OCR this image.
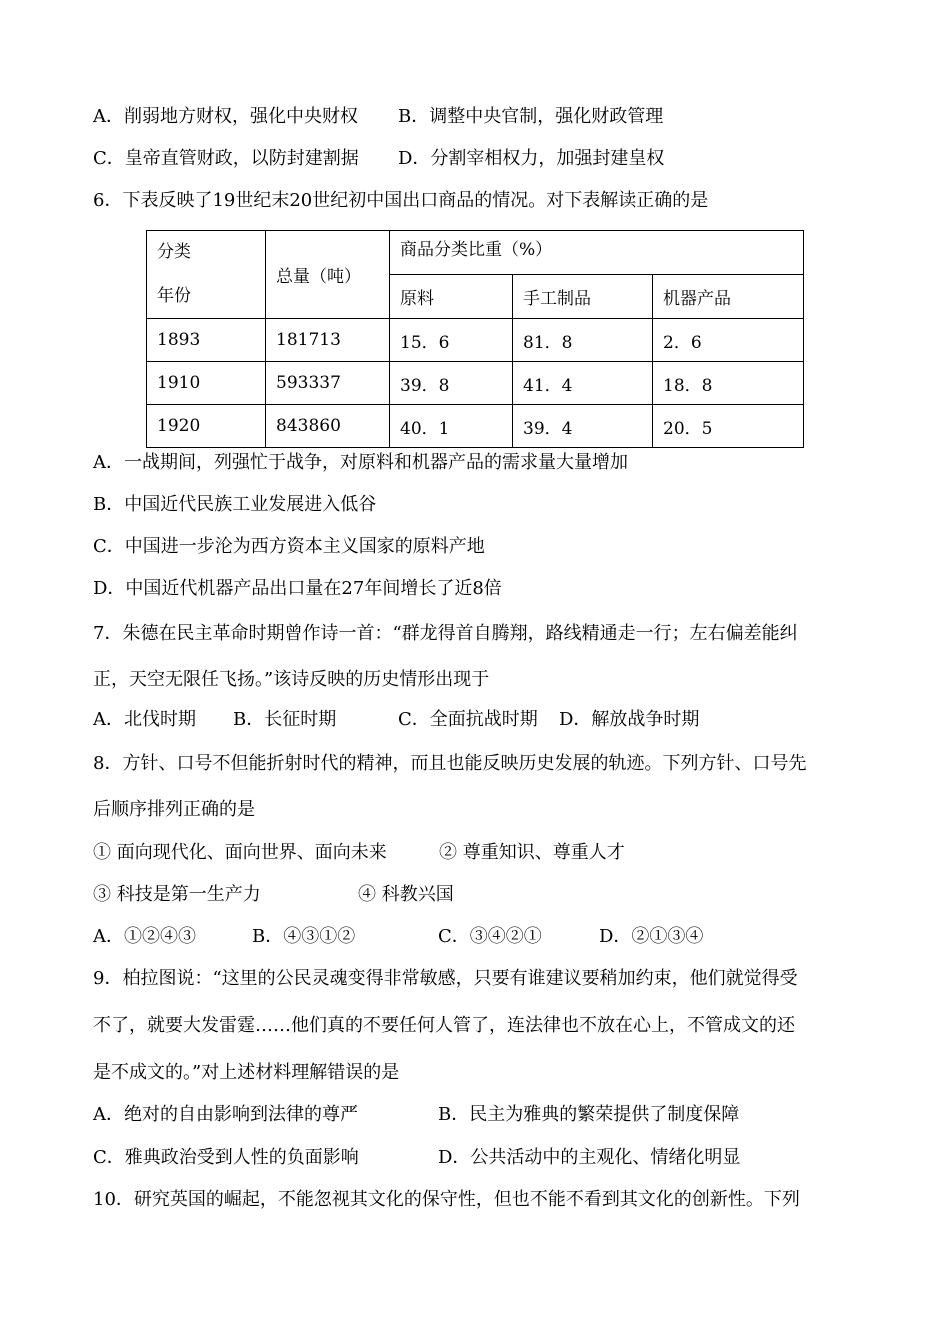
A．削弱地方财权，强化中央财权 B．调整中央官制，强化财政管理
C．皇帝直管财政，以防封建割据 D．分割宰相权力，加强封建皇权
6．下表反映了19世纪末20世纪初中国出口商品的情况。对下表解读正确的是
分类
年份	总量（吨）	商品分类比重（%）		
		原料	手工制品	机器产品
1893	181713	15．6	81．8	2．6
1910	593337	39．8	41．4	18．8
1920	843860	40．1	39．4	20．5
A．一战期间，列强忙于战争，对原料和机器产品的需求量大量增加
B．中国近代民族工业发展进入低谷
C．中国进一步沦为西方资本主义国家的原料产地
D．中国近代机器产品出口量在27年间增长了近8倍
7．朱德在民主革命时期曾作诗一首：“群龙得首自腾翔，路线精通走一行；左右偏差能纠
正，天空无限任飞扬。”该诗反映的历史情形出现于
A．北伐时期 B．长征时期	C．全面抗战时期 D．解放战争时期
8．方针、口号不但能折射时代的精神，而且也能反映历史发展的轨迹。下列方针、口号先
后顺序排列正确的是
① 面向现代化、面向世界、面向未来	② 尊重知识、尊重人才
③ 科技是第一生产力	④ 科教兴国
A．①②④③	B．④③①②	C．③④②①	D．②①③④
9．柏拉图说：“这里的公民灵魂变得非常敏感，只要有谁建议要稍加约束，他们就觉得受
不了，就要大发雷霆……他们真的不要任何人管了，连法律也不放在心上，不管成文的还
是不成文的。”对上述材料理解错误的是
A．绝对的自由影响到法律的尊严	B．民主为雅典的繁荣提供了制度保障
C．雅典政治受到人性的负面影响	D．公共活动中的主观化、情绪化明显
10．研究英国的崛起，不能忽视其文化的保守性，但也不能不看到其文化的创新性。下列
